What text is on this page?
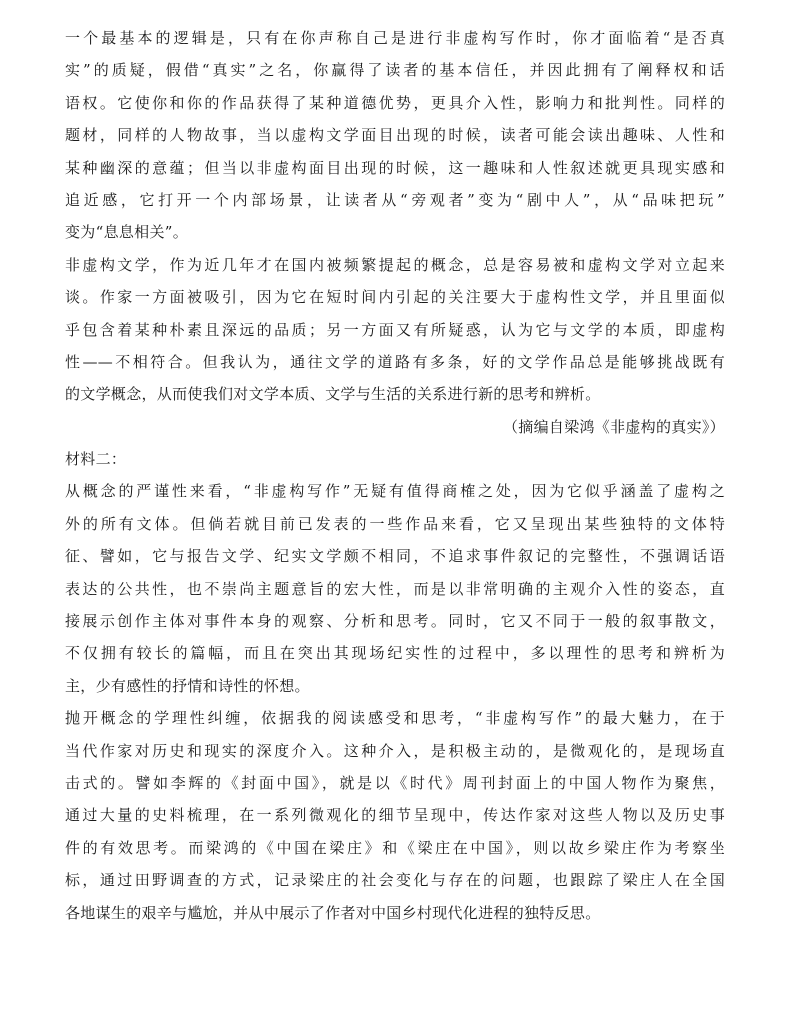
一个最基本的逻辑是，只有在你声称自己是进行非虚构写作时，你才面临着“是否真
实”的质疑，假借“真实”之名，你赢得了读者的基本信任，并因此拥有了阐释权和话
语权。它使你和你的作品获得了某种道德优势，更具介入性，影响力和批判性。同样的
题材，同样的人物故事，当以虚构文学面目出现的时候，读者可能会读出趣味、人性和
某种幽深的意蕴；但当以非虚构面目出现的时候，这一趣味和人性叙述就更具现实感和
追近感，它打开一个内部场景，让读者从“旁观者”变为“剧中人”，从“品味把玩”
变为“息息相关”。
非虚构文学，作为近几年才在国内被频繁提起的概念，总是容易被和虚构文学对立起来
谈。作家一方面被吸引，因为它在短时间内引起的关注要大于虚构性文学，并且里面似
乎包含着某种朴素且深远的品质；另一方面又有所疑惑，认为它与文学的本质，即虚构
性——不相符合。但我认为，通往文学的道路有多条，好的文学作品总是能够挑战既有
的文学概念，从而使我们对文学本质、文学与生活的关系进行新的思考和辨析。
（摘编自梁鸿《非虚构的真实》）
材料二：
从概念的严谨性来看，“非虚构写作”无疑有值得商榷之处，因为它似乎涵盖了虚构之
外的所有文体。但倘若就目前已发表的一些作品来看，它又呈现出某些独特的文体特
征、譬如，它与报告文学、纪实文学颇不相同，不追求事件叙记的完整性，不强调话语
表达的公共性，也不崇尚主题意旨的宏大性，而是以非常明确的主观介入性的姿态，直
接展示创作主体对事件本身的观察、分析和思考。同时，它又不同于一般的叙事散文，
不仅拥有较长的篇幅，而且在突出其现场纪实性的过程中，多以理性的思考和辨析为
主，少有感性的抒情和诗性的怀想。
抛开概念的学理性纠缠，依据我的阅读感受和思考，“非虚构写作”的最大魅力，在于
当代作家对历史和现实的深度介入。这种介入，是积极主动的，是微观化的，是现场直
击式的。譬如李辉的《封面中国》，就是以《时代》周刊封面上的中国人物作为聚焦，
通过大量的史料梳理，在一系列微观化的细节呈现中，传达作家对这些人物以及历史事
件的有效思考。而梁鸿的《中国在梁庄》和《梁庄在中国》，则以故乡梁庄作为考察坐
标，通过田野调查的方式，记录梁庄的社会变化与存在的问题，也跟踪了梁庄人在全国
各地谋生的艰辛与尴尬，并从中展示了作者对中国乡村现代化进程的独特反思。
